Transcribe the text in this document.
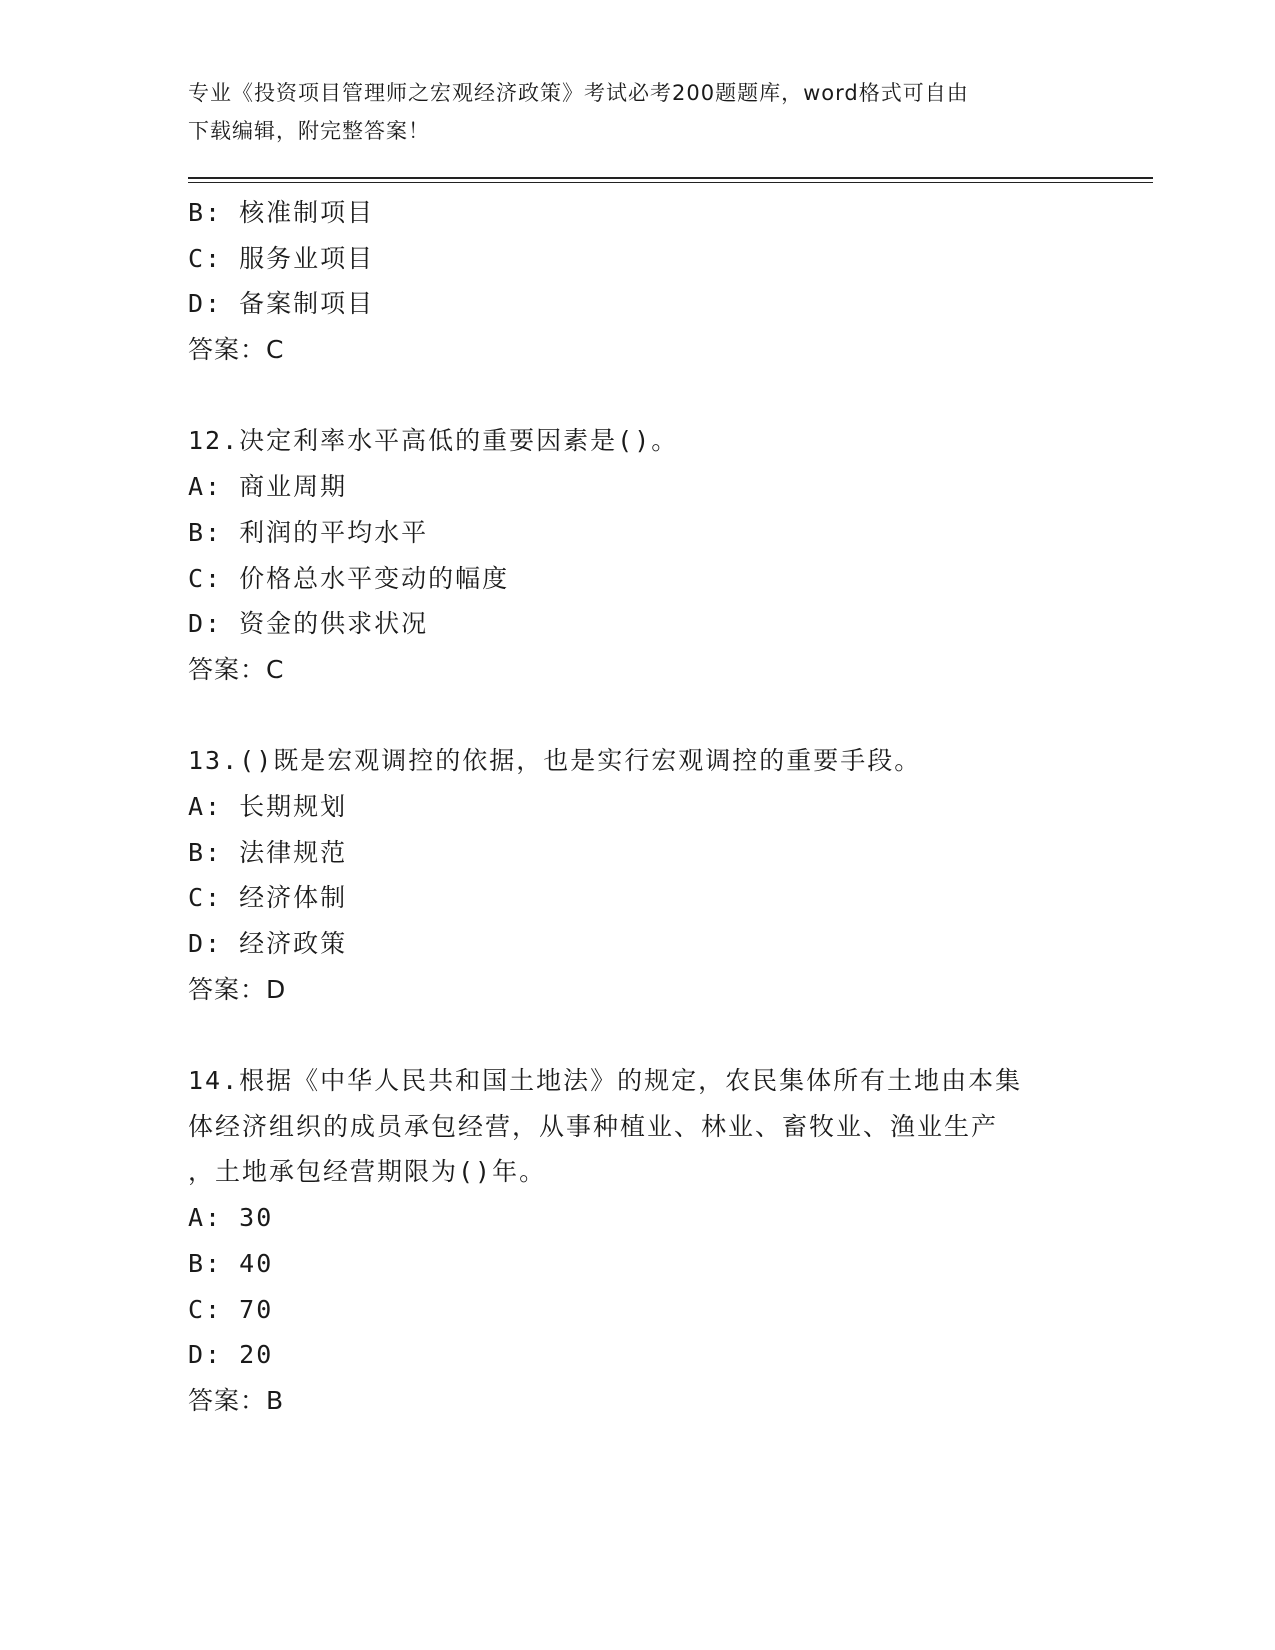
专业《投资项目管理师之宏观经济政策》考试必考200题题库，word格式可自由
下载编辑，附完整答案！

B: 核准制项目

C: 服务业项目

D: 备案制项目

答案：C

12.决定利率水平高低的重要因素是()。

A: 商业周期

B: 利润的平均水平

C: 价格总水平变动的幅度

D: 资金的供求状况

答案：C

13.()既是宏观调控的依据，也是实行宏观调控的重要手段。

A: 长期规划

B: 法律规范

C: 经济体制

D: 经济政策

答案：D

14.根据《中华人民共和国土地法》的规定，农民集体所有土地由本集

体经济组织的成员承包经营，从事种植业、林业、畜牧业、渔业生产

，土地承包经营期限为()年。

A: 30

B: 40

C: 70

D: 20

答案：B
